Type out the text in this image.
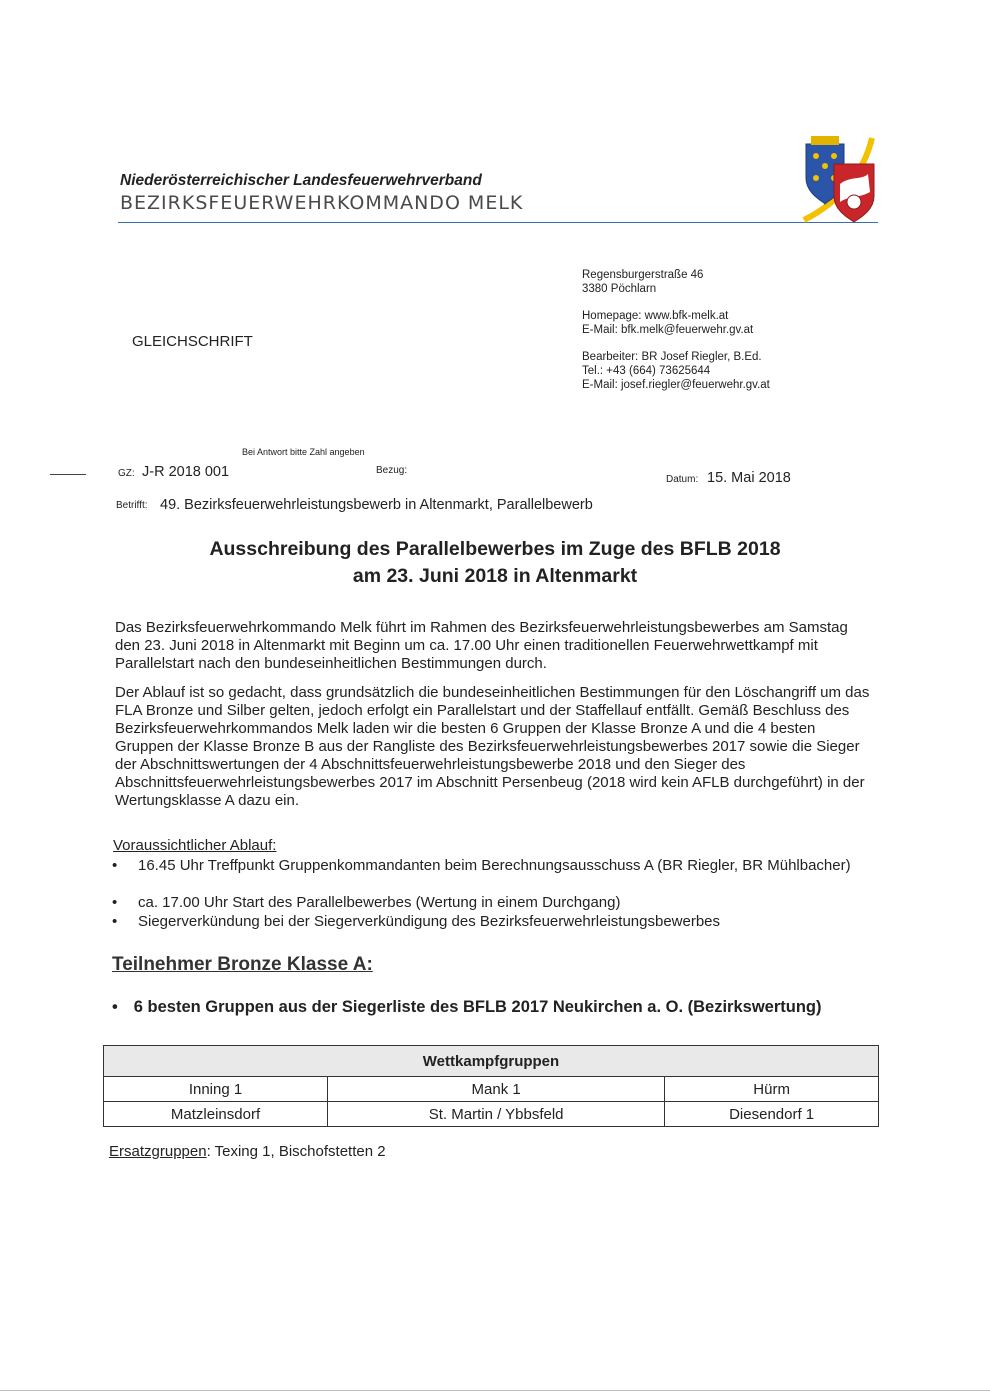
Niederösterreichischer Landesfeuerwehrverband
BEZIRKSFEUERWEHRKOMMANDO MELK
Regensburgerstraße 46
3380 Pöchlarn
Homepage: www.bfk-melk.at
E-Mail: bfk.melk@feuerwehr.gv.at
Bearbeiter: BR Josef Riegler, B.Ed.
Tel.: +43 (664) 73625644
E-Mail: josef.riegler@feuerwehr.gv.at
GLEICHSCHRIFT
Bei Antwort bitte Zahl angeben
GZ: J-R 2018 001	Bezug:
Datum: 15. Mai 2018
Betrifft: 49. Bezirksfeuerwehrleistungsbewerb in Altenmarkt, Parallelbewerb
Ausschreibung des Parallelbewerbes im Zuge des BFLB 2018
am 23. Juni 2018 in Altenmarkt
Das Bezirksfeuerwehrkommando Melk führt im Rahmen des Bezirksfeuerwehrleistungsbewerbes am Samstag den 23. Juni 2018 in Altenmarkt mit Beginn um ca. 17.00 Uhr einen traditionellen Feuerwehrwettkampf mit Parallelstart nach den bundeseinheitlichen Bestimmungen durch.
Der Ablauf ist so gedacht, dass grundsätzlich die bundeseinheitlichen Bestimmungen für den Löschangriff um das FLA Bronze und Silber gelten, jedoch erfolgt ein Parallelstart und der Staffellauf entfällt. Gemäß Beschluss des Bezirksfeuerwehrkommandos Melk laden wir die besten 6 Gruppen der Klasse Bronze A und die 4 besten Gruppen der Klasse Bronze B aus der Rangliste des Bezirksfeuerwehrleistungsbewerbes 2017 sowie die Sieger der Abschnittswertungen der 4 Abschnittsfeuerwehrleistungsbewerbe 2018 und den Sieger des Abschnittsfeuerwehrleistungsbewerbes 2017 im Abschnitt Persenbeug (2018 wird kein AFLB durchgeführt) in der Wertungsklasse A dazu ein.
Voraussichtlicher Ablauf:
• 16.45 Uhr Treffpunkt Gruppenkommandanten beim Berechnungsausschuss A (BR Riegler, BR Mühlbacher)
• ca. 17.00 Uhr Start des Parallelbewerbes (Wertung in einem Durchgang)
• Siegerverkündung bei der Siegerverkündigung des Bezirksfeuerwehrleistungsbewerbes
Teilnehmer Bronze Klasse A:
• 6 besten Gruppen aus der Siegerliste des BFLB 2017 Neukirchen a. O. (Bezirkswertung)
Wettkampfgruppen		
Inning 1	Mank 1	Hürm
Matzleinsdorf	St. Martin / Ybbsfeld	Diesendorf 1
Ersatzgruppen: Texing 1, Bischofstetten 2
